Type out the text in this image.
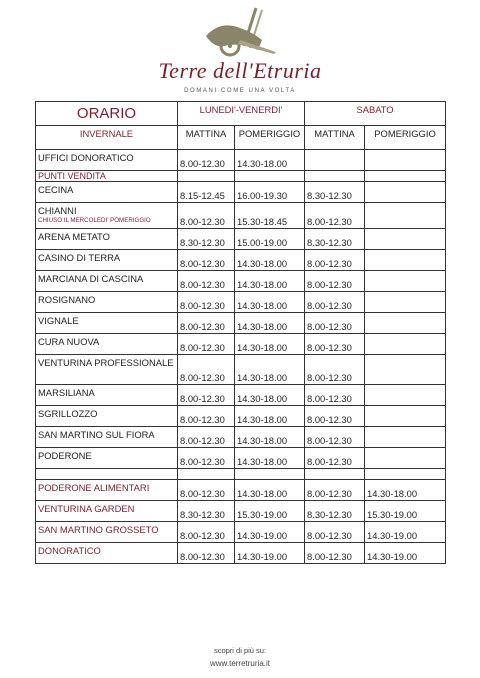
Terre dell'Etruria
DOMANI COME UNA VOLTA
ORARIO	LUNEDI'-VENERDI'		SABATO	
INVERNALE	MATTINA	POMERIGGIO	MATTINA	POMERIGGIO
UFFICI DONORATICO	8.00-12.30	14.30-18.00		
PUNTI VENDITA				
CECINA	8.15-12.45	16.00-19.30	8.30-12.30	
CHIANNI
CHIUSO IL MERCOLEDI' POMERIGGIO	8.00-12.30	15.30-18.45	8.00-12.30	
ARENA METATO	8.30-12.30	15.00-19.00	8.30-12.30	
CASINO DI TERRA	8.00-12.30	14.30-18.00	8.00-12.30	
MARCIANA DI CASCINA	8.00-12.30	14.30-18.00	8.00-12.30	
ROSIGNANO	8.00-12.30	14.30-18.00	8.00-12.30	
VIGNALE	8.00-12.30	14.30-18.00	8.00-12.30	
CURA NUOVA	8.00-12.30	14.30-18.00	8.00-12.30	
VENTURINA PROFESSIONALE	8.00-12.30	14.30-18.00	8.00-12.30	
MARSILIANA	8.00-12.30	14.30-18.00	8.00-12.30	
SGRILLOZZO	8.00-12.30	14.30-18.00	8.00-12.30	
SAN MARTINO SUL FIORA	8.00-12.30	14.30-18.00	8.00-12.30	
PODERONE	8.00-12.30	14.30-18.00	8.00-12.30	

PODERONE ALIMENTARI	8.00-12.30	14.30-18.00	8.00-12.30	14.30-18.00
VENTURINA GARDEN	8.30-12.30	15.30-19.00	8.30-12.30	15.30-19.00
SAN MARTINO GROSSETO	8.00-12.30	14.30-19.00	8.00-12.30	14.30-19.00
DONORATICO	8.00-12.30	14.30-19.00	8.00-12.30	14.30-19.00
scopri di più su:
www.terretruria.it
